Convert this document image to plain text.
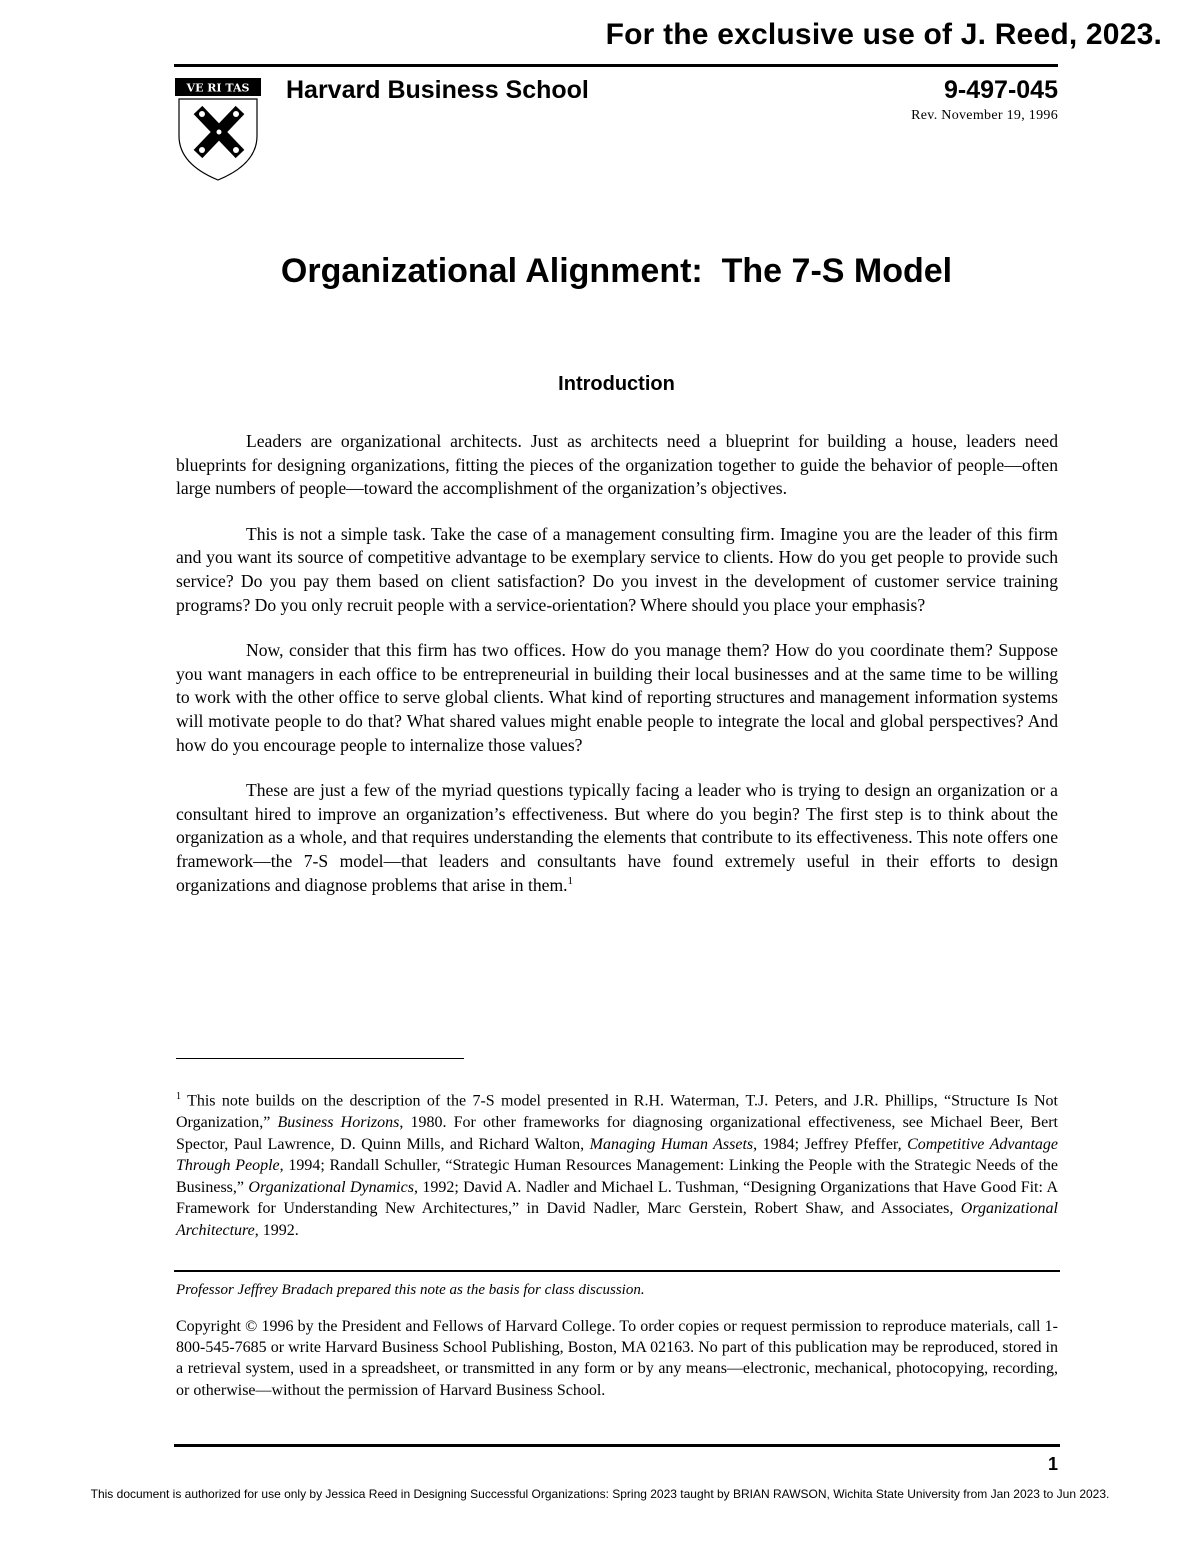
For the exclusive use of J. Reed, 2023.
VE RI TAS Harvard Business School	9-497-045
Rev. November 19, 1996
Organizational Alignment:  The 7-S Model
Introduction

Leaders are organizational architects. Just as architects need a blueprint for building a house, leaders need blueprints for designing organizations, fitting the pieces of the organization together to guide the behavior of people—often large numbers of people—toward the accomplishment of the organization’s objectives.

This is not a simple task. Take the case of a management consulting firm. Imagine you are the leader of this firm and you want its source of competitive advantage to be exemplary service to clients. How do you get people to provide such service? Do you pay them based on client satisfaction? Do you invest in the development of customer service training programs? Do you only recruit people with a service-orientation? Where should you place your emphasis?

Now, consider that this firm has two offices. How do you manage them? How do you coordinate them? Suppose you want managers in each office to be entrepreneurial in building their local businesses and at the same time to be willing to work with the other office to serve global clients. What kind of reporting structures and management information systems will motivate people to do that? What shared values might enable people to integrate the local and global perspectives? And how do you encourage people to internalize those values?

These are just a few of the myriad questions typically facing a leader who is trying to design an organization or a consultant hired to improve an organization’s effectiveness. But where do you begin? The first step is to think about the organization as a whole, and that requires understanding the elements that contribute to its effectiveness. This note offers one framework—the 7-S model—that leaders and consultants have found extremely useful in their efforts to design organizations and diagnose problems that arise in them.$^1$

$^1$ This note builds on the description of the 7-S model presented in R.H. Waterman, T.J. Peters, and J.R. Phillips, “Structure Is Not Organization,” Business Horizons, 1980. For other frameworks for diagnosing organizational effectiveness, see Michael Beer, Bert Spector, Paul Lawrence, D. Quinn Mills, and Richard Walton, Managing Human Assets, 1984; Jeffrey Pfeffer, Competitive Advantage Through People, 1994; Randall Schuller, “Strategic Human Resources Management: Linking the People with the Strategic Needs of the Business,” Organizational Dynamics, 1992; David A. Nadler and Michael L. Tushman, “Designing Organizations that Have Good Fit: A Framework for Understanding New Architectures,” in David Nadler, Marc Gerstein, Robert Shaw, and Associates, Organizational Architecture, 1992.
Professor Jeffrey Bradach prepared this note as the basis for class discussion.
Copyright © 1996 by the President and Fellows of Harvard College. To order copies or request permission to reproduce materials, call 1-800-545-7685 or write Harvard Business School Publishing, Boston, MA 02163. No part of this publication may be reproduced, stored in a retrieval system, used in a spreadsheet, or transmitted in any form or by any means—electronic, mechanical, photocopying, recording, or otherwise—without the permission of Harvard Business School.
1
This document is authorized for use only by Jessica Reed in Designing Successful Organizations: Spring 2023 taught by BRIAN RAWSON, Wichita State University from Jan 2023 to Jun 2023.
